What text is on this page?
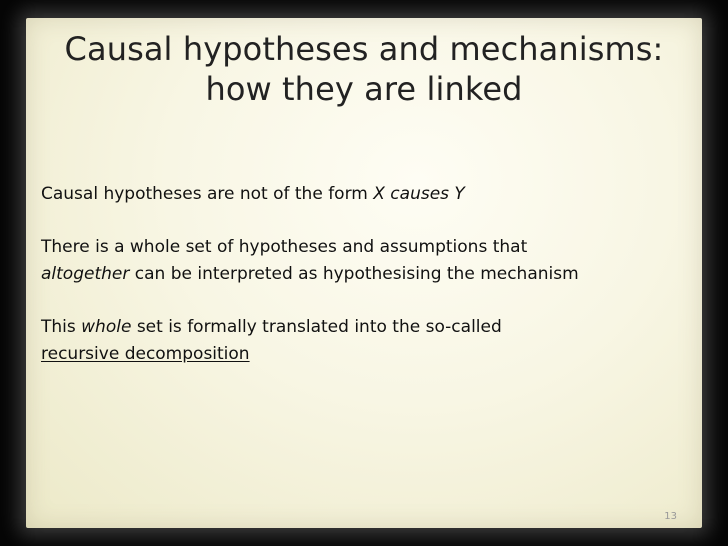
Causal hypotheses and mechanisms:
how they are linked

Causal hypotheses are not of the form X causes Y

There is a whole set of hypotheses and assumptions that

altogether can be interpreted as hypothesising the mechanism

This whole set is formally translated into the so-called

recursive decomposition

13
